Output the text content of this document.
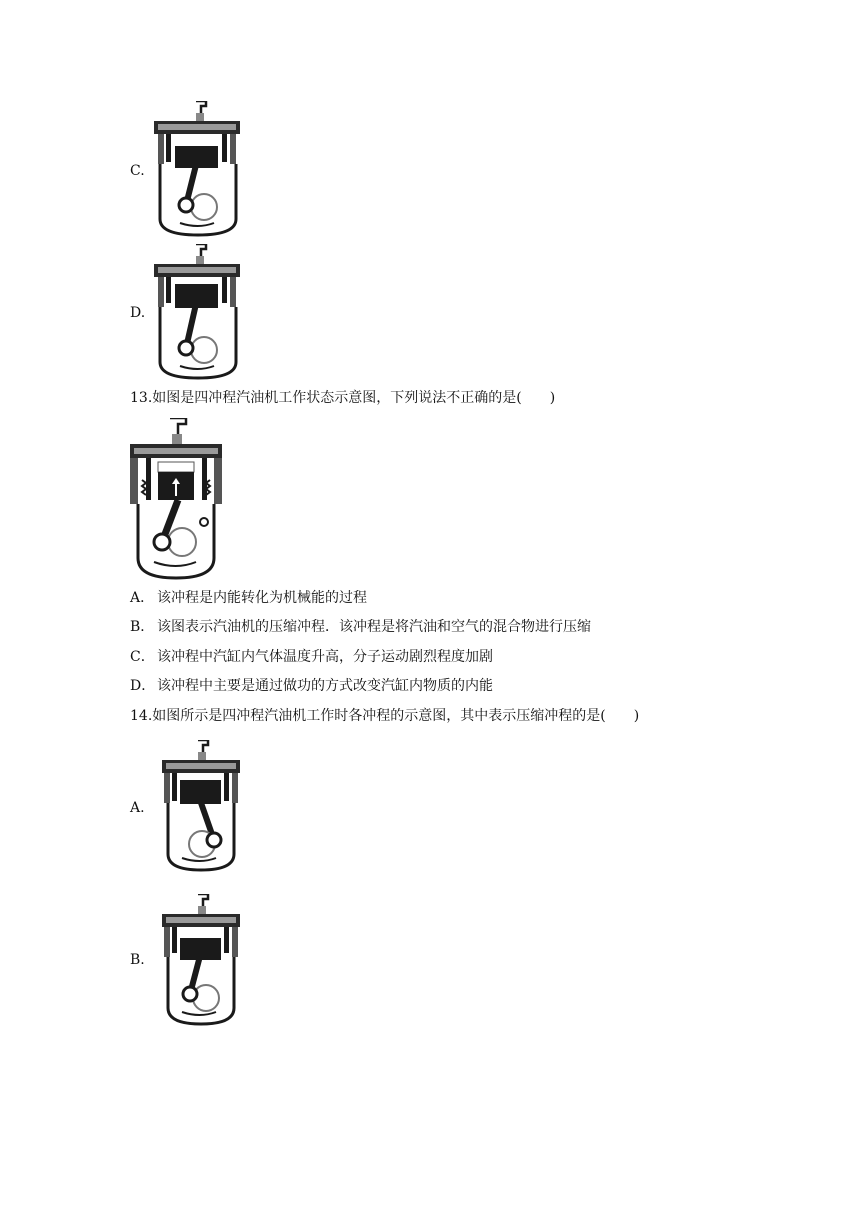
C.
D.
13.如图是四冲程汽油机工作状态示意图，下列说法不正确的是(　　)
A． 该冲程是内能转化为机械能的过程
B． 该图表示汽油机的压缩冲程．该冲程是将汽油和空气的混合物进行压缩
C． 该冲程中汽缸内气体温度升高，分子运动剧烈程度加剧
D． 该冲程中主要是通过做功的方式改变汽缸内物质的内能
14.如图所示是四冲程汽油机工作时各冲程的示意图，其中表示压缩冲程的是(　　)
A.
B.
